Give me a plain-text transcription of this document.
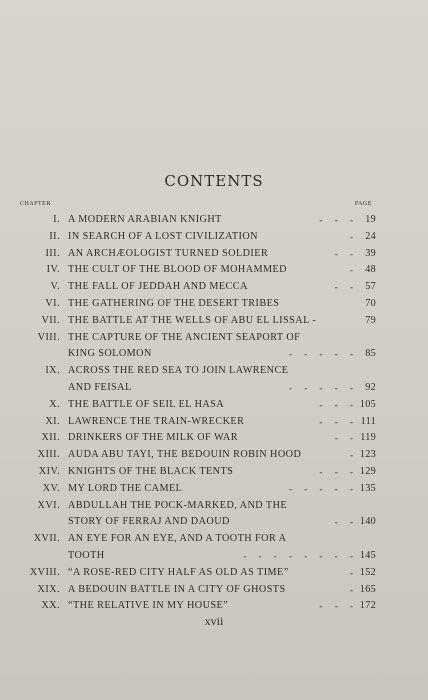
CONTENTS
CHAPTER	PAGE
I. A MODERN ARABIAN KNIGHT	- - - 19
II. IN SEARCH OF A LOST CIVILIZATION	- 24
III. AN ARCHÆOLOGIST TURNED SOLDIER	- - 39
IV. THE CULT OF THE BLOOD OF MOHAMMED	- 48
V. THE FALL OF JEDDAH AND MECCA	- - 57
VI. THE GATHERING OF THE DESERT TRIBES	70
VII. THE BATTLE AT THE WELLS OF ABU EL LISSAL -	79
VIII. THE CAPTURE OF THE ANCIENT SEAPORT OF
KING SOLOMON	- - - - - 85
IX. ACROSS THE RED SEA TO JOIN LAWRENCE
AND FEISAL	- - - - - 92
X. THE BATTLE OF SEIL EL HASA	- - - 105
XI. LAWRENCE THE TRAIN-WRECKER	- - - 111
XII. DRINKERS OF THE MILK OF WAR	- - 119
XIII. AUDA ABU TAYI, THE BEDOUIN ROBIN HOOD	- 123
XIV. KNIGHTS OF THE BLACK TENTS	- - - 129
XV. MY LORD THE CAMEL	- - - - - 135
XVI. ABDULLAH THE POCK-MARKED, AND THE
STORY OF FERRAJ AND DAOUD	- - 140
XVII. AN EYE FOR AN EYE, AND A TOOTH FOR A
TOOTH	- - - - - - - - 145
XVIII. “A ROSE-RED CITY HALF AS OLD AS TIME”	- 152
XIX. A BEDOUIN BATTLE IN A CITY OF GHOSTS	- 165
XX. “THE RELATIVE IN MY HOUSE”	- - - 172
xvii
